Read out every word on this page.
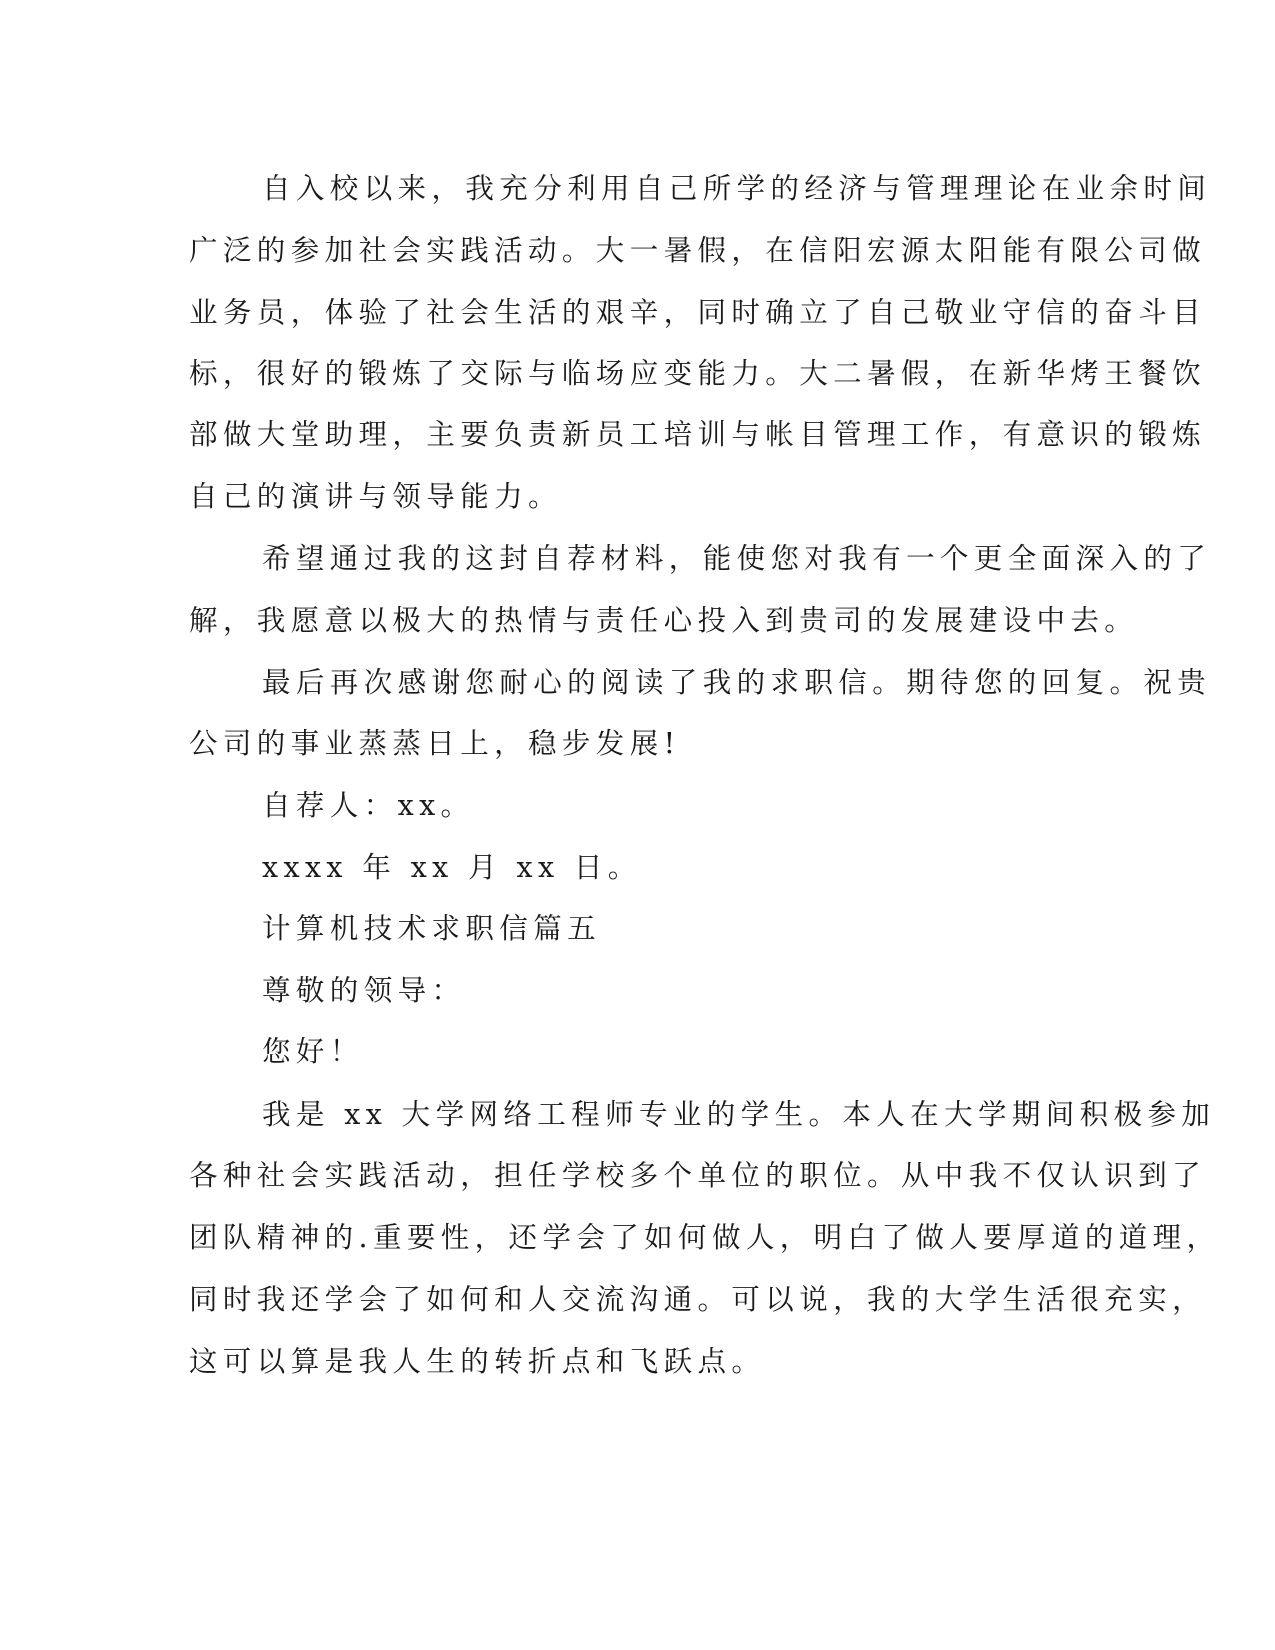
自入校以来，我充分利用自己所学的经济与管理理论在业余时间
广泛的参加社会实践活动。大一暑假，在信阳宏源太阳能有限公司做
业务员，体验了社会生活的艰辛，同时确立了自己敬业守信的奋斗目
标，很好的锻炼了交际与临场应变能力。大二暑假，在新华烤王餐饮
部做大堂助理，主要负责新员工培训与帐目管理工作，有意识的锻炼
自己的演讲与领导能力。
希望通过我的这封自荐材料，能使您对我有一个更全面深入的了
解，我愿意以极大的热情与责任心投入到贵司的发展建设中去。
最后再次感谢您耐心的阅读了我的求职信。期待您的回复。祝贵
公司的事业蒸蒸日上，稳步发展!
自荐人：xx。
xxxx 年 xx 月 xx 日。
计算机技术求职信篇五
尊敬的领导：
您好！
我是 xx 大学网络工程师专业的学生。本人在大学期间积极参加
各种社会实践活动，担任学校多个单位的职位。从中我不仅认识到了
团队精神的.重要性，还学会了如何做人，明白了做人要厚道的道理，
同时我还学会了如何和人交流沟通。可以说，我的大学生活很充实，
这可以算是我人生的转折点和飞跃点。
